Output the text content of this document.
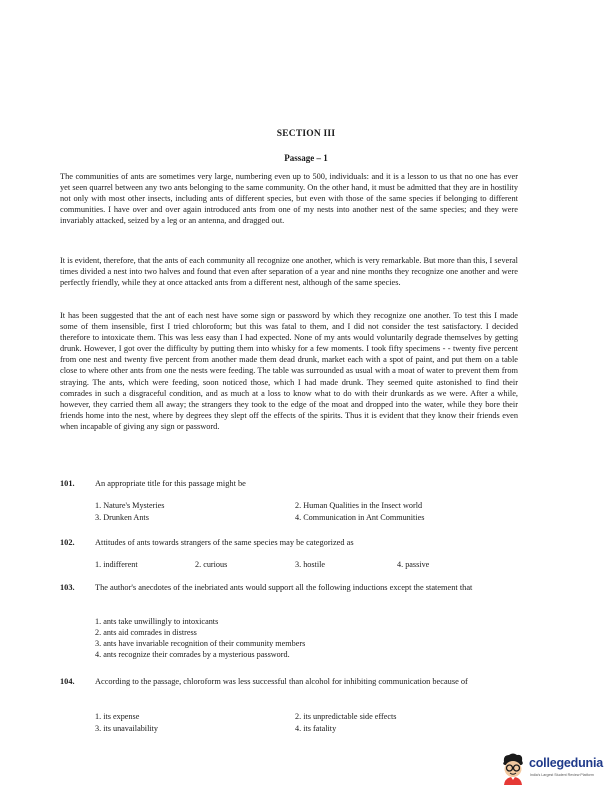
SECTION III
Passage – 1

The communities of ants are sometimes very large, numbering even up to 500, individuals: and it is a lesson to us that no one has ever yet seen quarrel between any two ants belonging to the same community. On the other hand, it must be admitted that they are in hostility not only with most other insects, including ants of different species, but even with those of the same species if belonging to different communities. I have over and over again introduced ants from one of my nests into another nest of the same species; and they were invariably attacked, seized by a leg or an antenna, and dragged out.

It is evident, therefore, that the ants of each community all recognize one another, which is very remarkable. But more than this, I several times divided a nest into two halves and found that even after separation of a year and nine months they recognize one another and were perfectly friendly, while they at once attacked ants from a different nest, although of the same species.

It has been suggested that the ant of each nest have some sign or password by which they recognize one another. To test this I made some of them insensible, first I tried chloroform; but this was fatal to them, and I did not consider the test satisfactory. I decided therefore to intoxicate them. This was less easy than I had expected. None of my ants would voluntarily degrade themselves by getting drunk. However, I got over the difficulty by putting them into whisky for a few moments. I took fifty specimens - - twenty five percent from one nest and twenty five percent from another made them dead drunk, market each with a spot of paint, and put them on a table close to where other ants from one the nests were feeding. The table was surrounded as usual with a moat of water to prevent them from straying. The ants, which were feeding, soon noticed those, which I had made drunk. They seemed quite astonished to find their comrades in such a disgraceful condition, and as much at a loss to know what to do with their drunkards as we were. After a while, however, they carried them all away; the strangers they took to the edge of the moat and dropped into the water, while they bore their friends home into the nest, where by degrees they slept off the effects of the spirits. Thus it is evident that they know their friends even when incapable of giving any sign or password.

101. An appropriate title for this passage might be
1. Nature's Mysteries	2. Human Qualities in the Insect world
3. Drunken Ants	4. Communication in Ant Communities
102. Attitudes of ants towards strangers of the same species may be categorized as
1. indifferent	2. curious	3. hostile	4. passive
103. The author's anecdotes of the inebriated ants would support all the following inductions except the statement that
1. ants take unwillingly to intoxicants
2. ants aid comrades in distress
3. ants have invariable recognition of their community members
4. ants recognize their comrades by a mysterious password.
104. According to the passage, chloroform was less successful than alcohol for inhibiting communication because of
1. its expense	2. its unpredictable side effects
3. its unavailability	4. its fatality
collegedunia
India's Largest Student Review Platform
